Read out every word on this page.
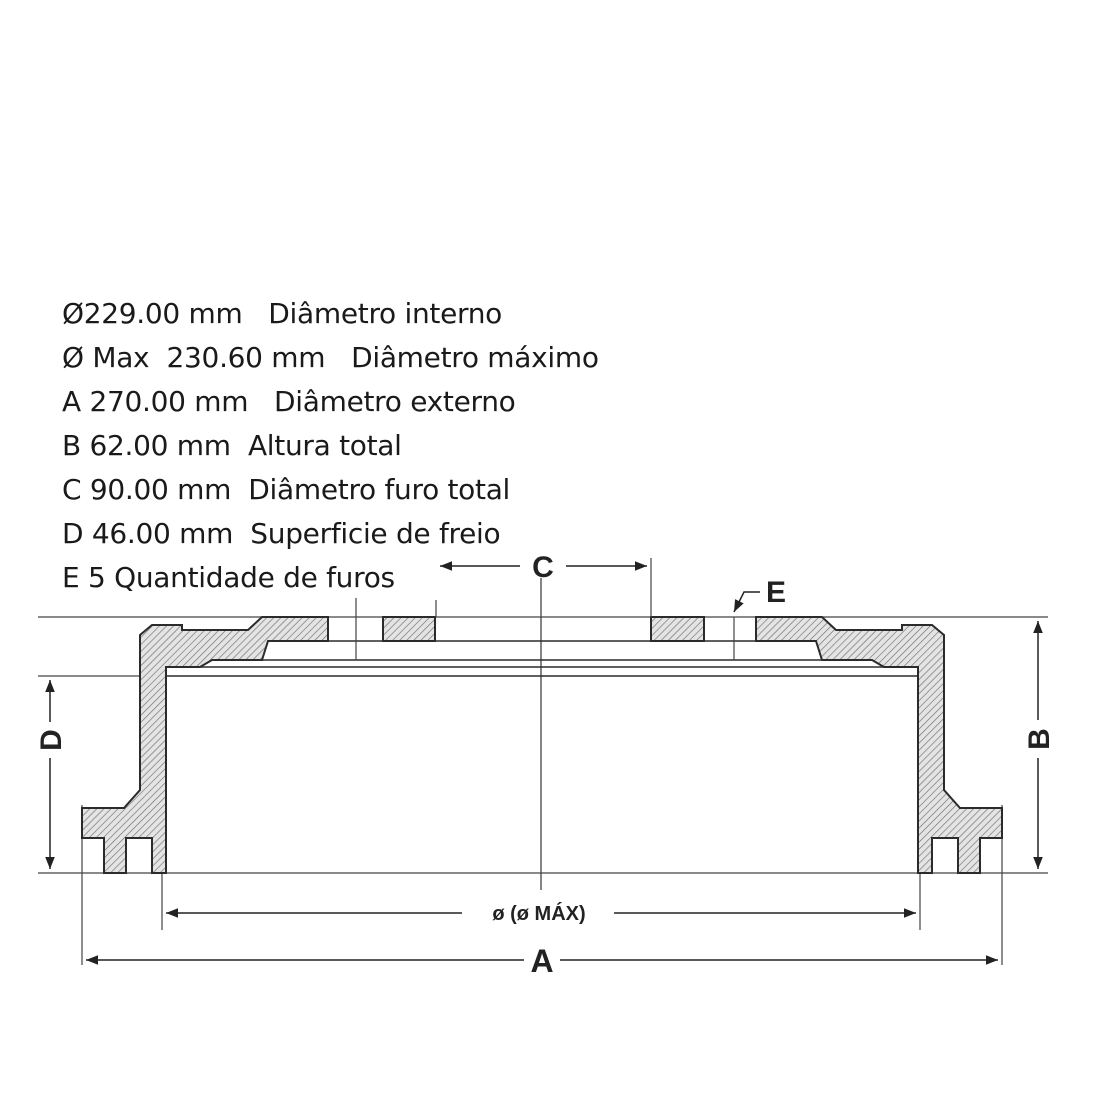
Ø229.00 mm Diâmetro interno
Ø Max  230.60 mm Diâmetro máximo
A 270.00 mm Diâmetro externo
B 62.00 mm Altura total
C 90.00 mm Diâmetro furo total
D 46.00 mm Superficie de freio
E 5 Quantidade de furos	C
E
D	B
ø (ø MÁX)
A
